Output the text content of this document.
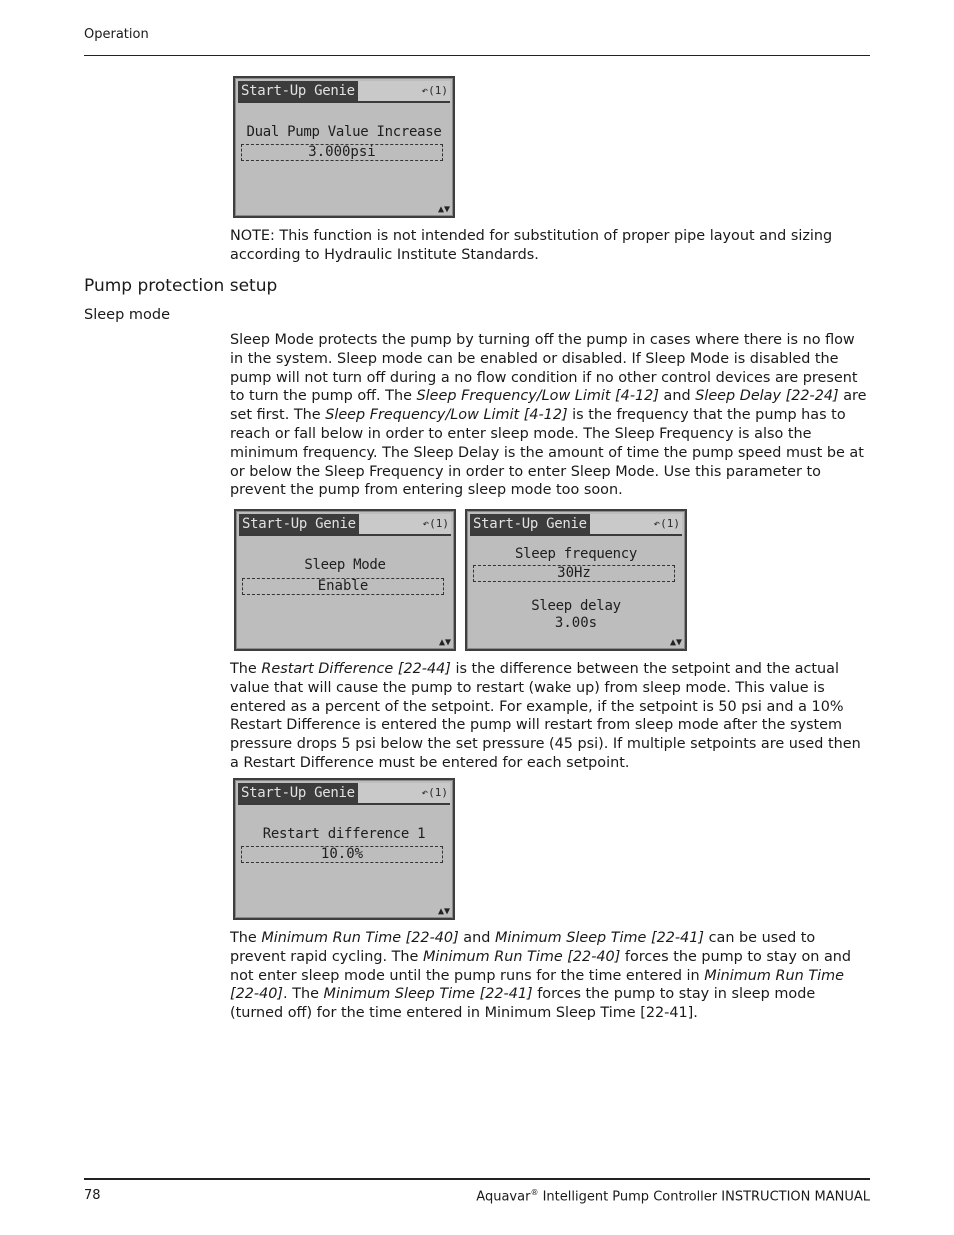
Operation
Start-Up Genie	↶(1)
Dual Pump Value Increase
3.000psi
▲▼

NOTE: This function is not intended for substitution of proper pipe layout and sizing according to Hydraulic Institute Standards.

Pump protection setup
Sleep mode

Sleep Mode protects the pump by turning off the pump in cases where there is no flow in the system. Sleep mode can be enabled or disabled. If Sleep Mode is disabled the pump will not turn off during a no flow condition if no other control devices are present to turn the pump off. The Sleep Frequency/Low Limit [4-12] and Sleep Delay [22-24] are set first. The Sleep Frequency/Low Limit [4-12] is the frequency that the pump has to reach or fall below in order to enter sleep mode. The Sleep Frequency is also the minimum frequency. The Sleep Delay is the amount of time the pump speed must be at or below the Sleep Frequency in order to enter Sleep Mode. Use this parameter to prevent the pump from entering sleep mode too soon.

Start-Up Genie	↶(1)
Sleep Mode
Enable
▲▼
Start-Up Genie	↶(1)
Sleep frequency
30Hz
Sleep delay
3.00s
▲▼

The Restart Difference [22-44] is the difference between the setpoint and the actual value that will cause the pump to restart (wake up) from sleep mode. This value is entered as a percent of the setpoint. For example, if the setpoint is 50 psi and a 10% Restart Difference is entered the pump will restart from sleep mode after the system pressure drops 5 psi below the set pressure (45 psi). If multiple setpoints are used then a Restart Difference must be entered for each setpoint.

Start-Up Genie	↶(1)
Restart difference 1
10.0%
▲▼

The Minimum Run Time [22-40] and Minimum Sleep Time [22-41] can be used to prevent rapid cycling. The Minimum Run Time [22-40] forces the pump to stay on and not enter sleep mode until the pump runs for the time entered in Minimum Run Time [22-40]. The Minimum Sleep Time [22-41] forces the pump to stay in sleep mode (turned off) for the time entered in Minimum Sleep Time [22-41].

78	Aquavar® Intelligent Pump Controller INSTRUCTION MANUAL
